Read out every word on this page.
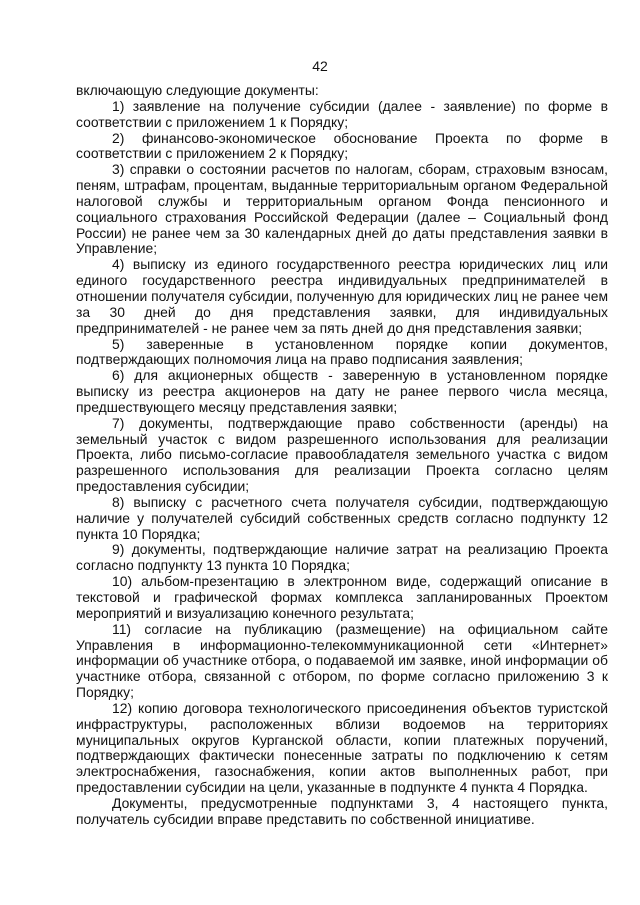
42

включающую следующие документы:

1) заявление на получение субсидии (далее - заявление) по форме в соответствии с приложением 1 к Порядку;

2) финансово-экономическое обоснование Проекта по форме в соответствии с приложением 2 к Порядку;

3) справки о состоянии расчетов по налогам, сборам, страховым взносам, пеням, штрафам, процентам, выданные территориальным органом Федеральной налоговой службы и территориальным органом Фонда пенсионного и социального страхования Российской Федерации (далее – Социальный фонд России) не ранее чем за 30 календарных дней до даты представления заявки в Управление;

4) выписку из единого государственного реестра юридических лиц или единого государственного реестра индивидуальных предпринимателей в отношении получателя субсидии, полученную для юридических лиц не ранее чем за 30 дней до дня представления заявки, для индивидуальных предпринимателей - не ранее чем за пять дней до дня представления заявки;

5) заверенные в установленном порядке копии документов, подтверждающих полномочия лица на право подписания заявления;

6) для акционерных обществ - заверенную в установленном порядке выписку из реестра акционеров на дату не ранее первого числа месяца, предшествующего месяцу представления заявки;

7) документы, подтверждающие право собственности (аренды) на земельный участок с видом разрешенного использования для реализации Проекта, либо письмо-согласие правообладателя земельного участка с видом разрешенного использования для реализации Проекта согласно целям предоставления субсидии;

8) выписку с расчетного счета получателя субсидии, подтверждающую наличие у получателей субсидий собственных средств согласно подпункту 12 пункта 10 Порядка;

9) документы, подтверждающие наличие затрат на реализацию Проекта согласно подпункту 13 пункта 10 Порядка;

10) альбом-презентацию в электронном виде, содержащий описание в текстовой и графической формах комплекса запланированных Проектом мероприятий и визуализацию конечного результата;

11) согласие на публикацию (размещение) на официальном сайте Управления в информационно-телекоммуникационной сети «Интернет» информации об участнике отбора, о подаваемой им заявке, иной информации об участнике отбора, связанной с отбором, по форме согласно приложению 3 к Порядку;

12) копию договора технологического присоединения объектов туристской инфраструктуры, расположенных вблизи водоемов на территориях муниципальных округов Курганской области, копии платежных поручений, подтверждающих фактически понесенные затраты по подключению к сетям электроснабжения, газоснабжения, копии актов выполненных работ, при предоставлении субсидии на цели, указанные в подпункте 4 пункта 4 Порядка.

Документы, предусмотренные подпунктами 3, 4 настоящего пункта, получатель субсидии вправе представить по собственной инициативе.
